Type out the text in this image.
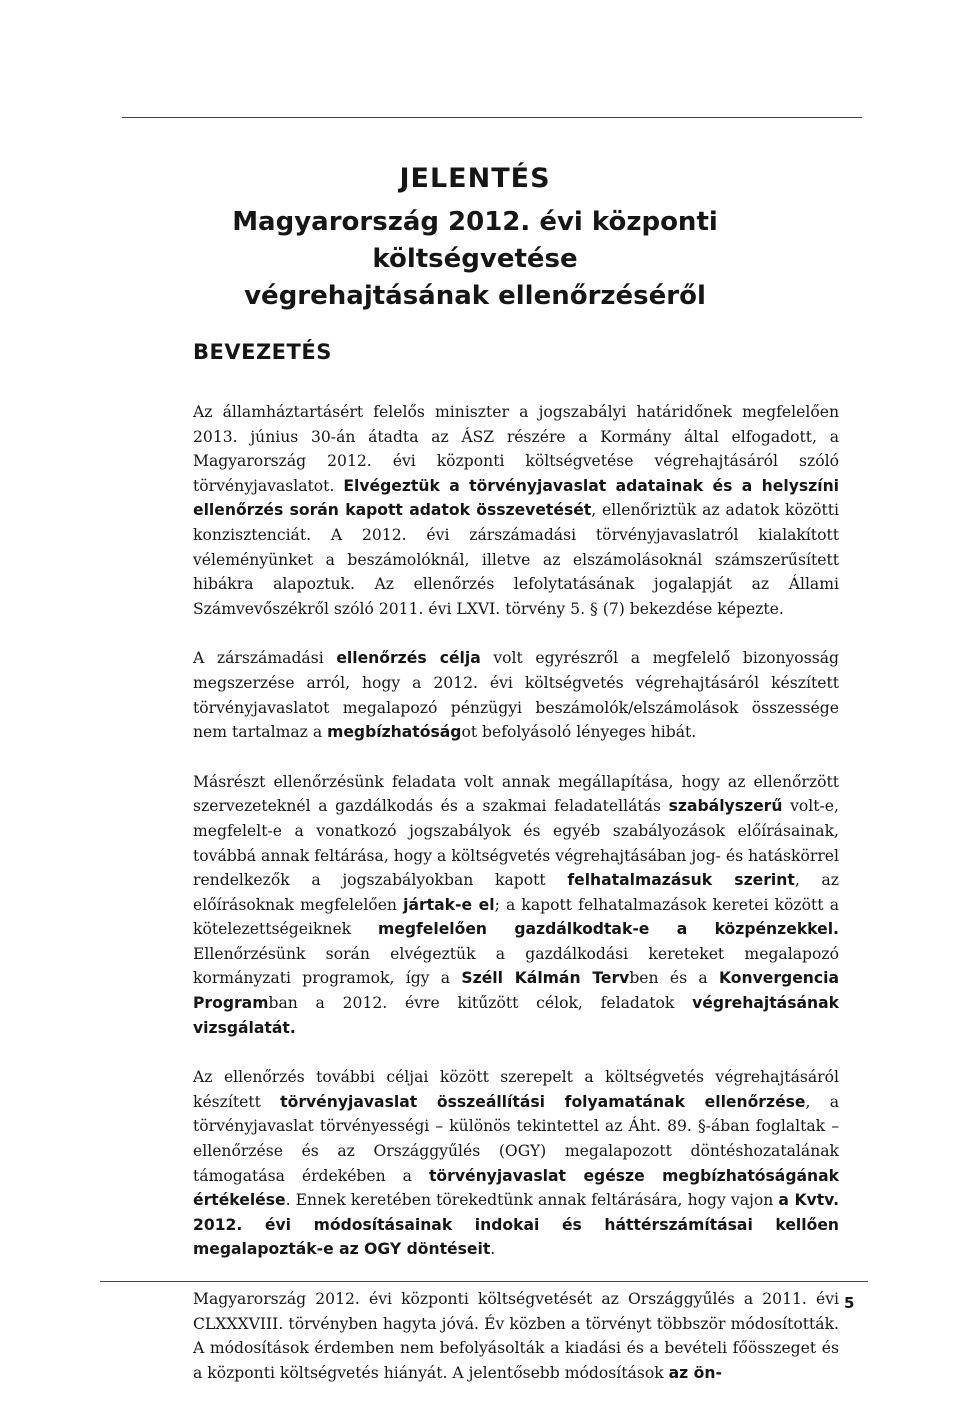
JELENTÉS
Magyarország 2012. évi központi költségvetése
végrehajtásának ellenőrzéséről
BEVEZETÉS

Az államháztartásért felelős miniszter a jogszabályi határidőnek megfelelően 2013. június 30-án átadta az ÁSZ részére a Kormány által elfogadott, a Magyarország 2012. évi központi költségvetése végrehajtásáról szóló törvényjavaslatot. Elvégeztük a törvényjavaslat adatainak és a helyszíni ellenőrzés során kapott adatok összevetését, ellenőriztük az adatok közötti konzisztenciát. A 2012. évi zárszámadási törvényjavaslatról kialakított véleményünket a beszámolóknál, illetve az elszámolásoknál számszerűsített hibákra alapoztuk. Az ellenőrzés lefolytatásának jogalapját az Állami Számvevőszékről szóló 2011. évi LXVI. törvény 5. § (7) bekezdése képezte.

A zárszámadási ellenőrzés célja volt egyrészről a megfelelő bizonyosság megszerzése arról, hogy a 2012. évi költségvetés végrehajtásáról készített törvényjavaslatot megalapozó pénzügyi beszámolók/elszámolások összessége nem tartalmaz a megbízhatóságot befolyásoló lényeges hibát.

Másrészt ellenőrzésünk feladata volt annak megállapítása, hogy az ellenőrzött szervezeteknél a gazdálkodás és a szakmai feladatellátás szabályszerű volt-e, megfelelt-e a vonatkozó jogszabályok és egyéb szabályozások előírásainak, továbbá annak feltárása, hogy a költségvetés végrehajtásában jog- és hatáskörrel rendelkezők a jogszabályokban kapott felhatalmazásuk szerint, az előírásoknak megfelelően jártak-e el; a kapott felhatalmazások keretei között a kötelezettségeiknek megfelelően gazdálkodtak-e a közpénzekkel. Ellenőrzésünk során elvégeztük a gazdálkodási kereteket megalapozó kormányzati programok, így a Széll Kálmán Tervben és a Konvergencia Programban a 2012. évre kitűzött célok, feladatok végrehajtásának vizsgálatát.

Az ellenőrzés további céljai között szerepelt a költségvetés végrehajtásáról készített törvényjavaslat összeállítási folyamatának ellenőrzése, a törvényjavaslat törvényességi – különös tekintettel az Áht. 89. §-ában foglaltak – ellenőrzése és az Országgyűlés (OGY) megalapozott döntéshozatalának támogatása érdekében a törvényjavaslat egésze megbízhatóságának értékelése. Ennek keretében törekedtünk annak feltárására, hogy vajon a Kvtv. 2012. évi módosításainak indokai és háttérszámításai kellően megalapozták-e az OGY döntéseit.

Magyarország 2012. évi központi költségvetését az Országgyűlés a 2011. évi CLXXXVIII. törvényben hagyta jóvá. Év közben a törvényt többször módosították. A módosítások érdemben nem befolyásolták a kiadási és a bevételi főösszeget és a központi költségvetés hiányát. A jelentősebb módosítások az ön-

5
